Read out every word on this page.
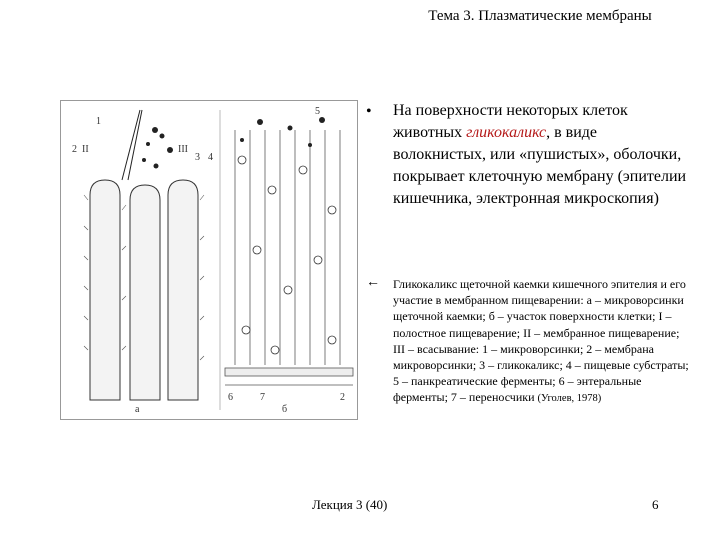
Тема 3. Плазматические мембраны
1
2 II	III
3 4
а	б
5
6	7	2
• На поверхности некоторых клеток животных гликокаликс, в виде волокнистых, или «пушистых», оболочки, покрывает клеточную мембрану (эпителии кишечника, электронная микроскопия)
← Гликокаликс щеточной каемки кишечного эпителия и его участие в мембранном пищеварении: а – микроворсинки щеточной каемки; б – участок поверхности клетки; I – полостное пищеварение; II – мембранное пищеварение; III – всасывание: 1 – микроворсинки; 2 – мембрана микроворсинки; 3 – гликокаликс; 4 – пищевые субстраты; 5 – панкреатические ферменты; 6 – энтеральные ферменты; 7 – переносчики (Уголев, 1978)
Лекция 3 (40)	6
